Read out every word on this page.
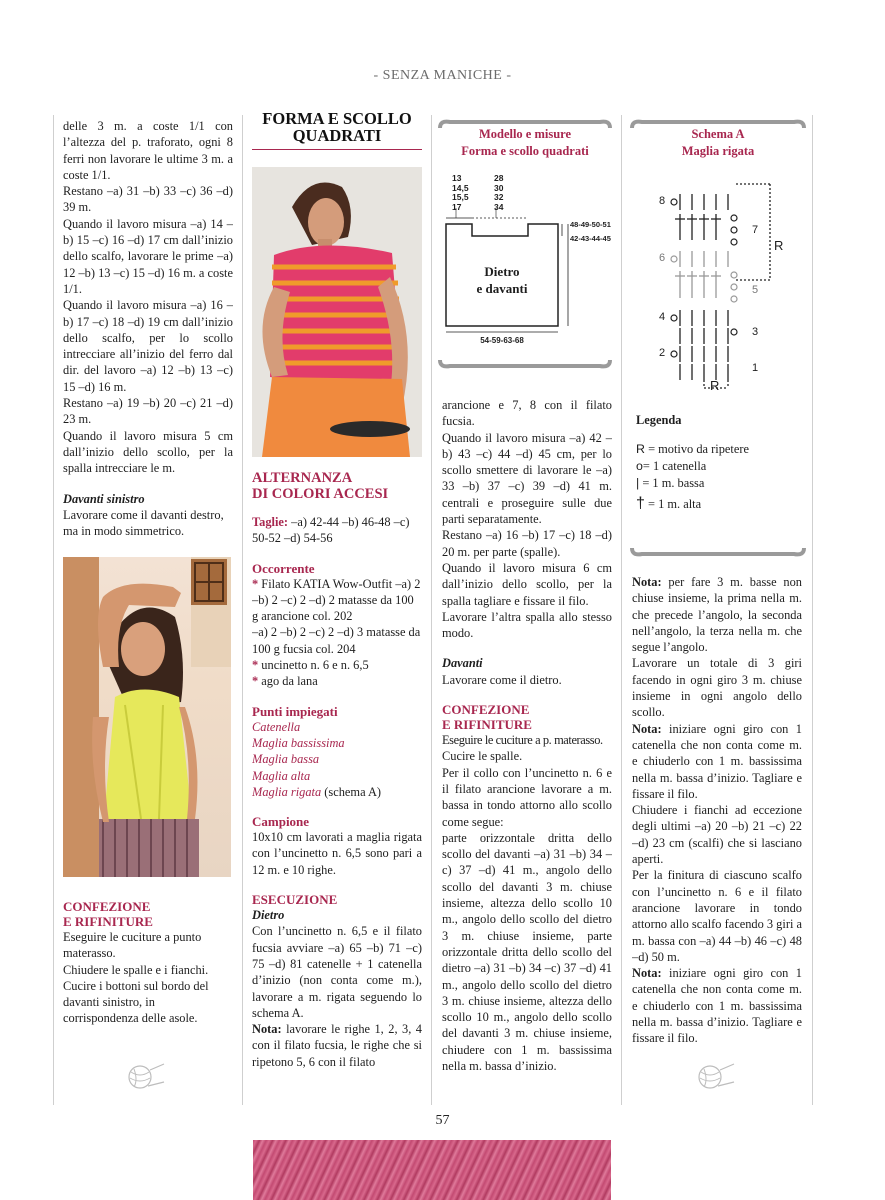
- SENZA MANICHE -

delle 3 m. a coste 1/1 con l’altezza del p. traforato, ogni 8 ferri non lavorare le ultime 3 m. a coste 1/1.

Restano –a) 31 –b) 33 –c) 36 –d) 39 m.

Quando il lavoro misura –a) 14 –b) 15 –c) 16 –d) 17 cm dall’inizio dello scalfo, lavorare le prime –a) 12 –b) 13 –c) 15 –d) 16 m. a coste 1/1.

Quando il lavoro misura –a) 16 –b) 17 –c) 18 –d) 19 cm dall’inizio dello scalfo, per lo scollo intrecciare all’inizio del ferro dal dir. del lavoro –a) 12 –b) 13 –c) 15 –d) 16 m.

Restano –a) 19 –b) 20 –c) 21 –d) 23 m.

Quando il lavoro misura 5 cm dall’inizio dello scollo, per la spalla intrecciare le m.

Davanti sinistro

Lavorare come il davanti destro, ma in modo simmetrico.

CONFEZIONE

E RIFINITURE

Eseguire le cuciture a punto materasso.

Chiudere le spalle e i fianchi.

Cucire i bottoni sul bordo del davanti sinistro, in corrispondenza delle asole.

FORMA E SCOLLO
QUADRATI

ALTERNANZA

DI COLORI ACCESI

Taglie: –a) 42-44 –b) 46-48 –c) 50-52 –d) 54-56

Occorrente

* Filato KATIA Wow-Outfit –a) 2 –b) 2 –c) 2 –d) 2 matasse da 100 g arancione col. 202

–a) 2 –b) 2 –c) 2 –d) 3 matasse da 100 g fucsia col. 204

* uncinetto n. 6 e n. 6,5

* ago da lana

Punti impiegati

Catenella

Maglia bassissima

Maglia bassa

Maglia alta

Maglia rigata (schema A)

Campione

10x10 cm lavorati a maglia rigata con l’uncinetto n. 6,5 sono pari a 12 m. e 10 righe.

ESECUZIONE

Dietro

Con l’uncinetto n. 6,5 e il filato fucsia avviare –a) 65 –b) 71 –c) 75 –d) 81 catenelle + 1 catenella d’inizio (non conta come m.), lavorare a m. rigata seguendo lo schema A.

Nota: lavorare le righe 1, 2, 3, 4 con il filato fucsia, le righe che si ripetono 5, 6 con il filato

Modello e misure
Forma e scollo quadrati
13
14,5
15,5
17
28
30
32
34
48-49-50-51
42-43-44-45
Dietro
e davanti
54-59-63-68

arancione e 7, 8 con il filato fucsia.

Quando il lavoro misura –a) 42 –b) 43 –c) 44 –d) 45 cm, per lo scollo smettere di lavorare le –a) 33 –b) 37 –c) 39 –d) 41 m. centrali e proseguire sulle due parti separatamente.

Restano –a) 16 –b) 17 –c) 18 –d) 20 m. per parte (spalle).

Quando il lavoro misura 6 cm dall’inizio dello scollo, per la spalla tagliare e fissare il filo.

Lavorare l’altra spalla allo stesso modo.

Davanti

Lavorare come il dietro.

CONFEZIONE

E RIFINITURE

Eseguire le cuciture a p. materasso.

Cucire le spalle.

Per il collo con l’uncinetto n. 6 e il filato arancione lavorare a m. bassa in tondo attorno allo scollo come segue:

parte orizzontale dritta dello scollo del davanti –a) 31 –b) 34 –c) 37 –d) 41 m., angolo dello scollo del davanti 3 m. chiuse insieme, altezza dello scollo 10 m., angolo dello scollo del dietro 3 m. chiuse insieme, parte orizzontale dritta dello scollo del dietro –a) 31 –b) 34 –c) 37 –d) 41 m., angolo dello scollo del dietro 3 m. chiuse insieme, altezza dello scollo 10 m., angolo dello scollo del davanti 3 m. chiuse insieme, chiudere con 1 m. bassissima nella m. bassa d’inizio.

Schema A
Maglia rigata
8
6
4
2
7
5
3
1
R
R

Legenda

R = motivo da ripetere

o= 1 catenella

| = 1 m. bassa

† = 1 m. alta

Nota: per fare 3 m. basse non chiuse insieme, la prima nella m. che precede l’angolo, la seconda nell’angolo, la terza nella m. che segue l’angolo.

Lavorare un totale di 3 giri facendo in ogni giro 3 m. chiuse insieme in ogni angolo dello scollo.

Nota: iniziare ogni giro con 1 catenella che non conta come m. e chiuderlo con 1 m. bassissima nella m. bassa d’inizio. Tagliare e fissare il filo.

Chiudere i fianchi ad eccezione degli ultimi –a) 20 –b) 21 –c) 22 –d) 23 cm (scalfi) che si lasciano aperti.

Per la finitura di ciascuno scalfo con l’uncinetto n. 6 e il filato arancione lavorare in tondo attorno allo scalfo facendo 3 giri a m. bassa con –a) 44 –b) 46 –c) 48 –d) 50 m.

Nota: iniziare ogni giro con 1 catenella che non conta come m. e chiuderlo con 1 m. bassissima nella m. bassa d’inizio. Tagliare e fissare il filo.

57
